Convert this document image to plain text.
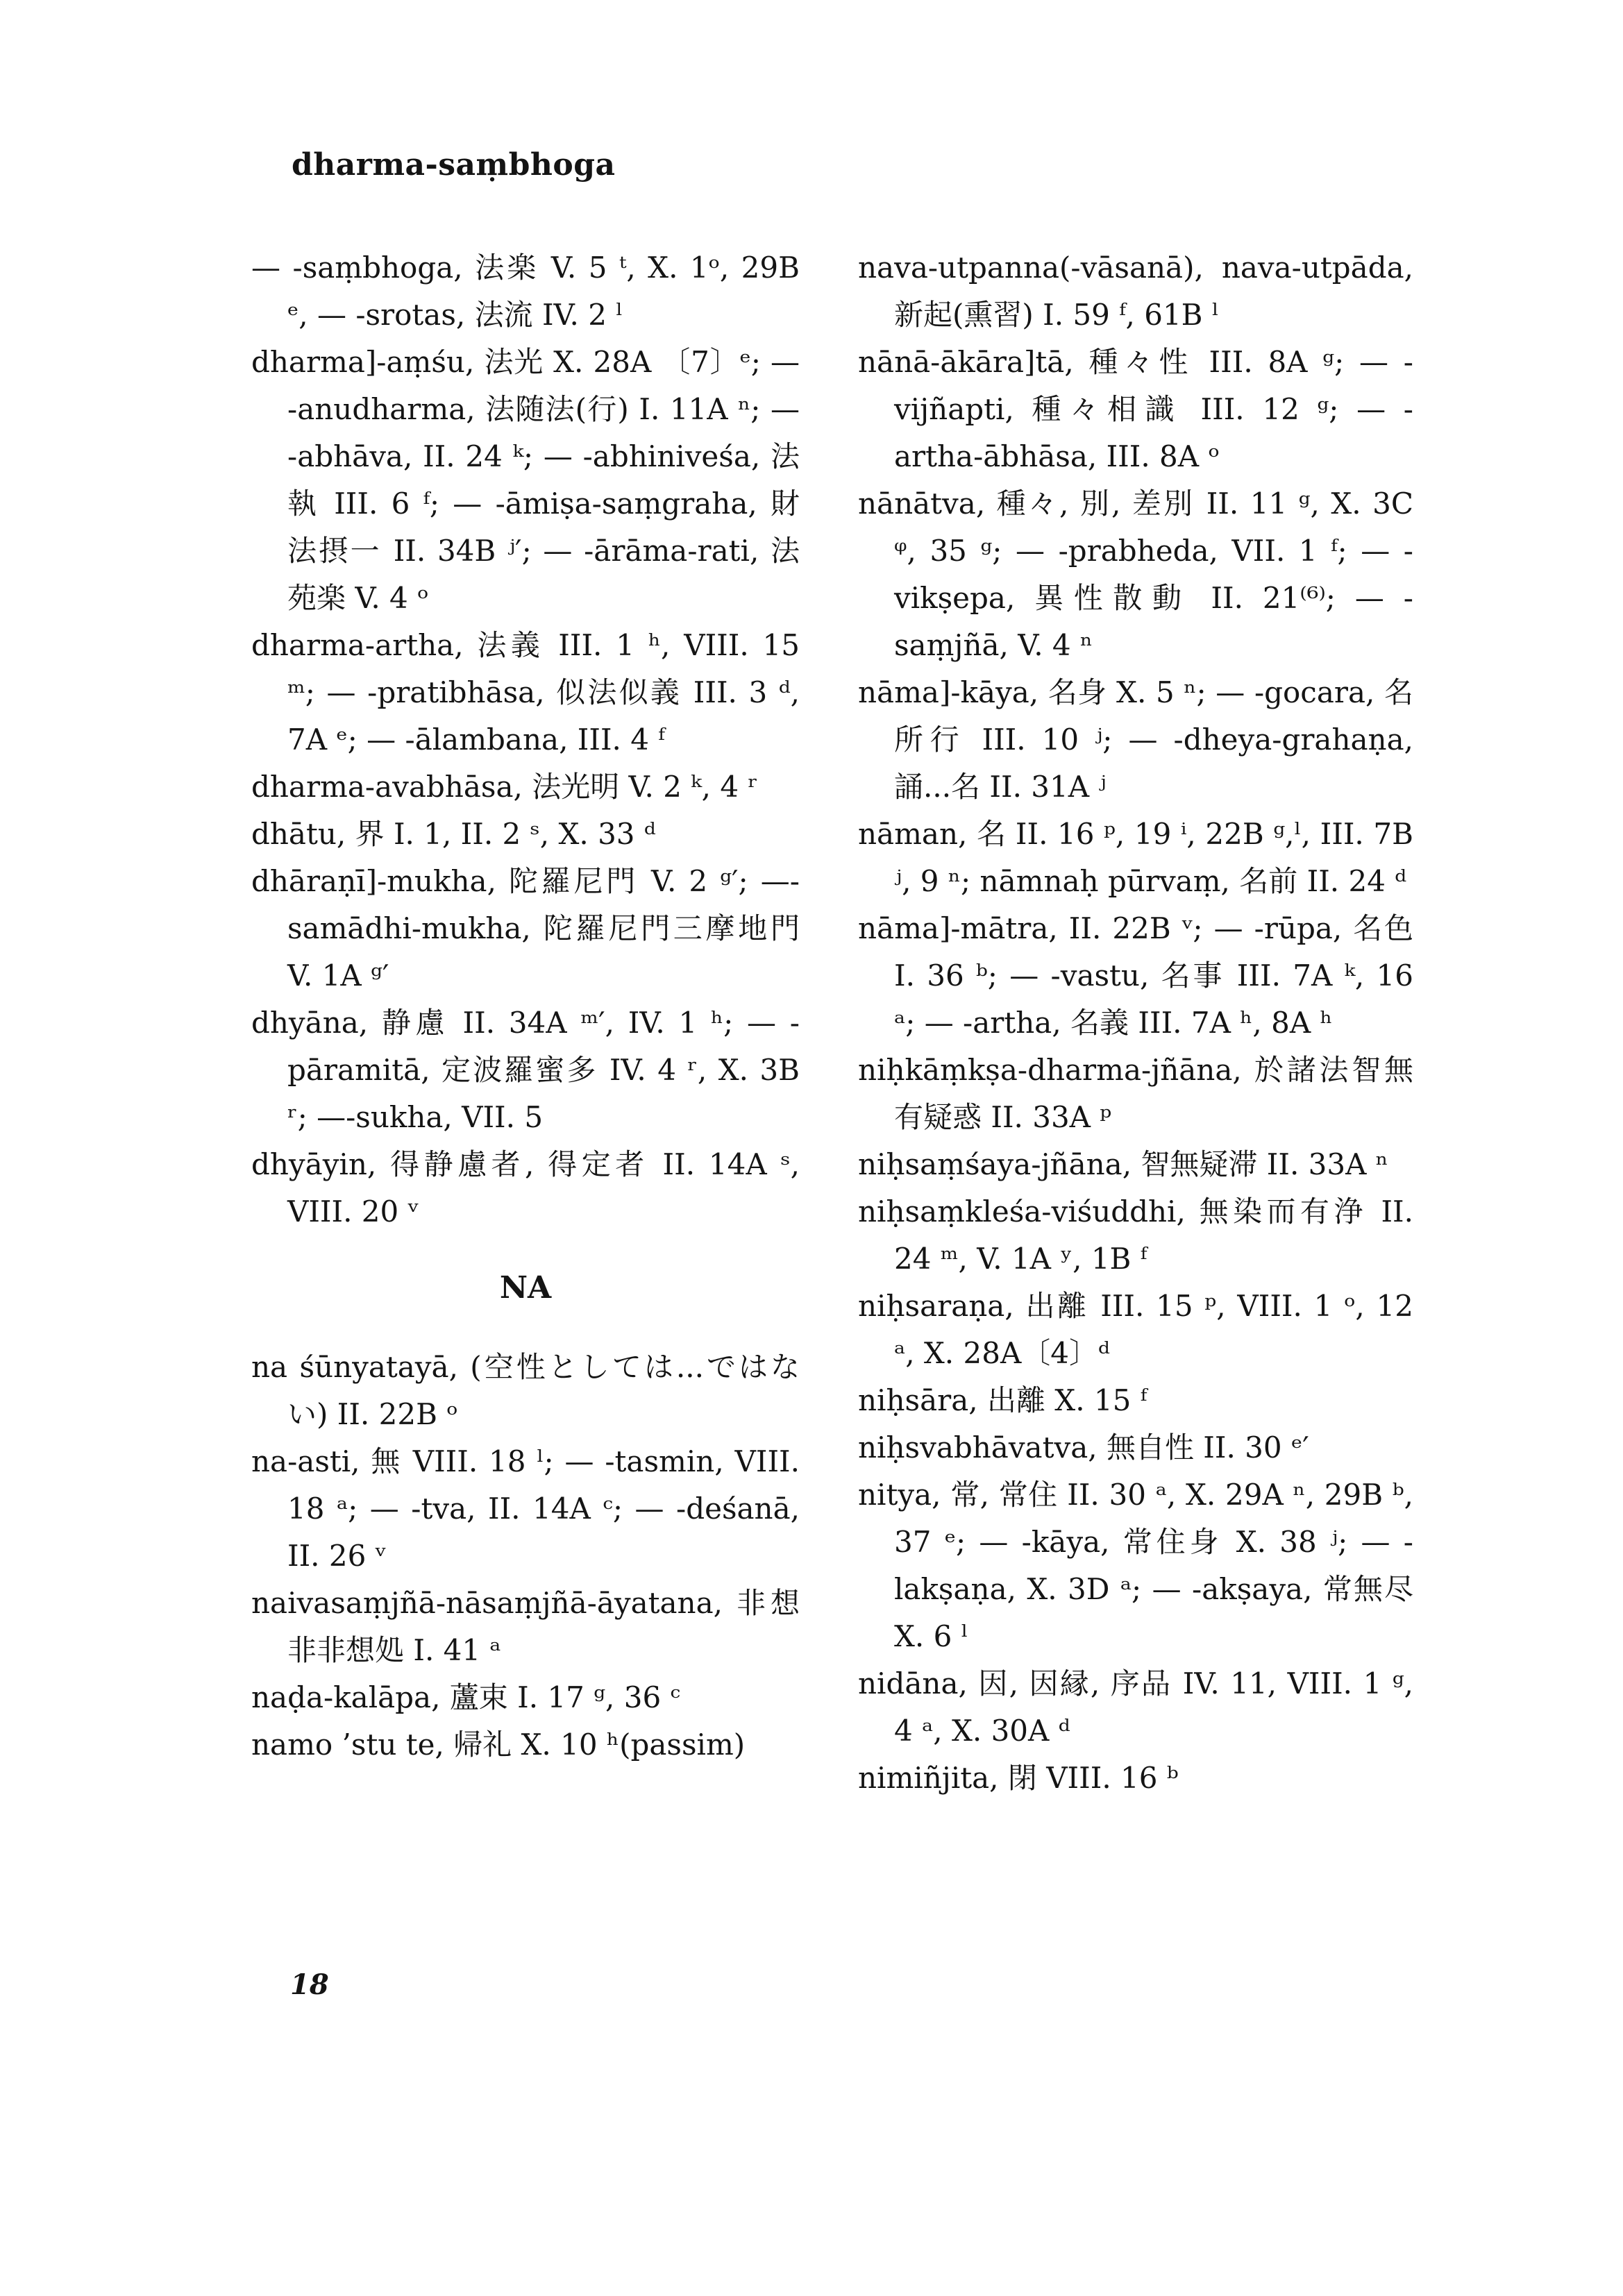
dharma-saṃbhoga

— -saṃbhoga, 法楽 V. 5 ᵗ, X. 1ᵒ, 29B ᵉ, — -srotas, 法流 IV. 2 ˡ

dharma]-aṃśu, 法光 X. 28A 〔7〕ᵉ; — -anudharma, 法随法(行) I. 11A ⁿ; — -abhāva, II. 24 ᵏ; — -abhiniveśa, 法執 III. 6 ᶠ; — -āmiṣa-saṃgraha, 財法摂一 II. 34B ʲ′; — -ārāma-rati, 法苑楽 V. 4 ᵒ

dharma-artha, 法義 III. 1 ʰ, VIII. 15 ᵐ; — -pratibhāsa, 似法似義 III. 3 ᵈ, 7A ᵉ; — -ālambana, III. 4 ᶠ

dharma-avabhāsa, 法光明 V. 2 ᵏ, 4 ʳ

dhātu, 界 I. 1, II. 2 ˢ, X. 33 ᵈ

dhāraṇī]-mukha, 陀羅尼門 V. 2 ᵍ′; —-samādhi-mukha, 陀羅尼門三摩地門 V. 1A ᵍ′

dhyāna, 静慮 II. 34A ᵐ′, IV. 1 ʰ; — -pāramitā, 定波羅蜜多 IV. 4 ʳ, X. 3B ʳ; —-sukha, VII. 5

dhyāyin, 得静慮者, 得定者 II. 14A ˢ, VIII. 20 ᵛ

NA

na śūnyatayā, (空性としては...ではない) II. 22B ᵒ

na-asti, 無 VIII. 18 ˡ; — -tasmin, VIII. 18 ᵃ; — -tva, II. 14A ᶜ; — -deśanā, II. 26 ᵛ

naivasaṃjñā-nāsaṃjñā-āyatana, 非想非非想処 I. 41 ᵃ

naḍa-kalāpa, 蘆束 I. 17 ᵍ, 36 ᶜ

namo ’stu te, 帰礼 X. 10 ʰ(passim)

nava-utpanna(-vāsanā), nava-utpāda, 新起(熏習) I. 59 ᶠ, 61B ˡ

nānā-ākāra]tā, 種々性 III. 8A ᵍ; — -vijñapti, 種々相識 III. 12 ᵍ; — -artha-ābhāsa, III. 8A ᵒ

nānātva, 種々, 別, 差別 II. 11 ᵍ, X. 3C ᵠ, 35 ᵍ; — -prabheda, VII. 1 ᶠ; — -vikṣepa, 異性散動 II. 21⁽⁶⁾; — -saṃjñā, V. 4 ⁿ

nāma]-kāya, 名身 X. 5 ⁿ; — -gocara, 名所行 III. 10 ʲ; — -dheya-grahaṇa, 誦...名 II. 31A ʲ

nāman, 名 II. 16 ᵖ, 19 ⁱ, 22B ᵍ,ˡ, III. 7B ʲ, 9 ⁿ; nāmnaḥ pūrvaṃ, 名前 II. 24 ᵈ

nāma]-mātra, II. 22B ᵛ; — -rūpa, 名色 I. 36 ᵇ; — -vastu, 名事 III. 7A ᵏ, 16 ᵃ; — -artha, 名義 III. 7A ʰ, 8A ʰ

niḥkāṃkṣa-dharma-jñāna, 於諸法智無有疑惑 II. 33A ᵖ

niḥsaṃśaya-jñāna, 智無疑滞 II. 33A ⁿ

niḥsaṃkleśa-viśuddhi, 無染而有浄 II. 24 ᵐ, V. 1A ʸ, 1B ᶠ

niḥsaraṇa, 出離 III. 15 ᵖ, VIII. 1 ᵒ, 12 ᵃ, X. 28A〔4〕ᵈ

niḥsāra, 出離 X. 15 ᶠ

niḥsvabhāvatva, 無自性 II. 30 ᵉ′

nitya, 常, 常住 II. 30 ᵃ, X. 29A ⁿ, 29B ᵇ, 37 ᵉ; — -kāya, 常住身 X. 38 ʲ; — -lakṣaṇa, X. 3D ᵃ; — -akṣaya, 常無尽 X. 6 ˡ

nidāna, 因, 因縁, 序品 IV. 11, VIII. 1 ᵍ, 4 ᵃ, X. 30A ᵈ

nimiñjita, 閉 VIII. 16 ᵇ

18
